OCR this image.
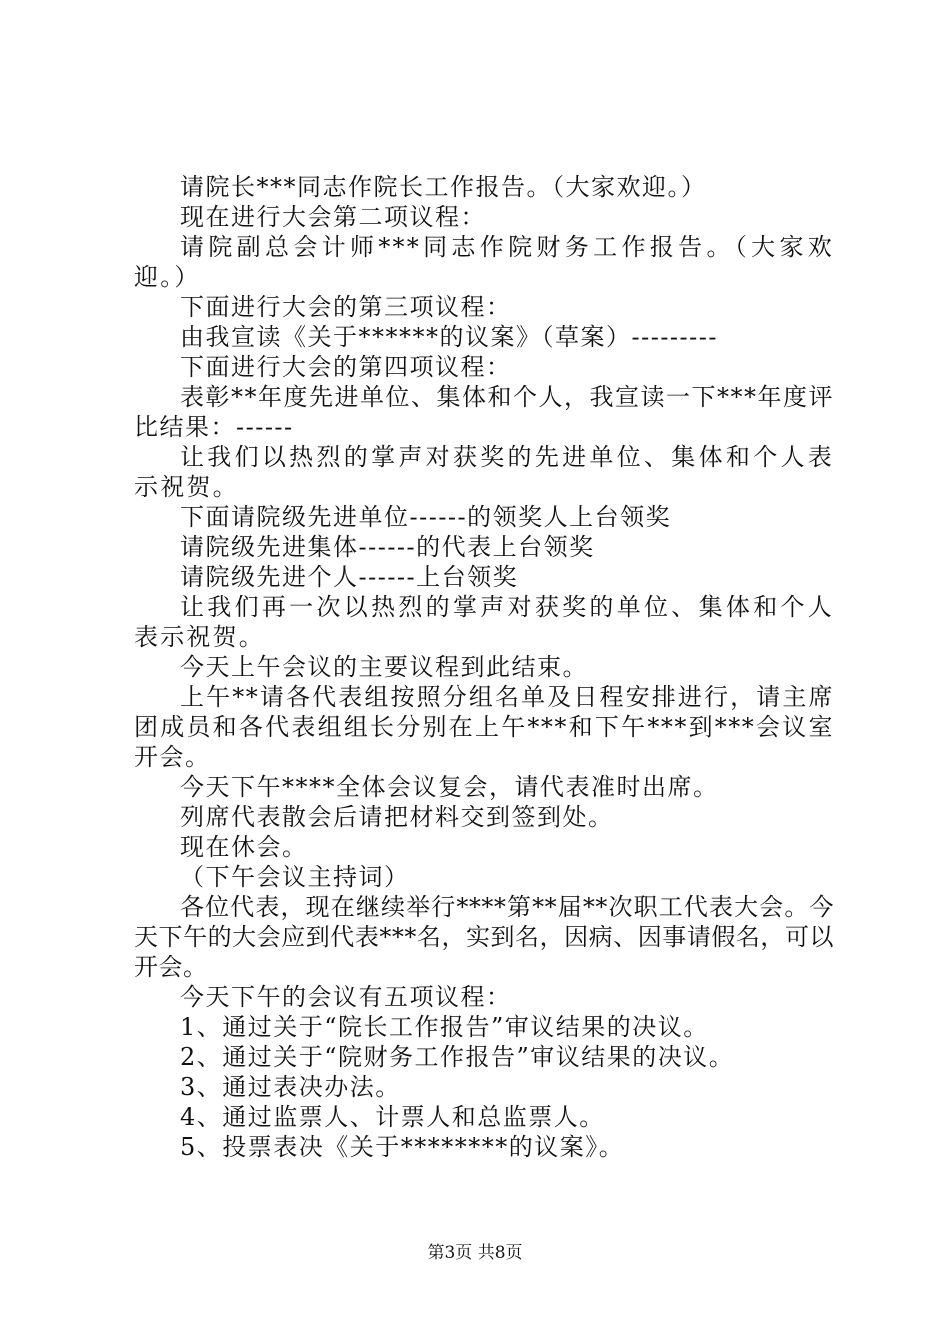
请院长***同志作院长工作报告。（大家欢迎。）

现在进行大会第二项议程：

请院副总会计师***同志作院财务工作报告。（大家欢迎。）

下面进行大会的第三项议程：

由我宣读《关于******的议案》（草案）---------

下面进行大会的第四项议程：

表彰**年度先进单位、集体和个人，我宣读一下***年度评比结果：------

让我们以热烈的掌声对获奖的先进单位、集体和个人表示祝贺。

下面请院级先进单位------的领奖人上台领奖

请院级先进集体------的代表上台领奖

请院级先进个人------上台领奖

让我们再一次以热烈的掌声对获奖的单位、集体和个人表示祝贺。

今天上午会议的主要议程到此结束。

上午**请各代表组按照分组名单及日程安排进行，请主席团成员和各代表组组长分别在上午***和下午***到***会议室开会。

今天下午****全体会议复会，请代表准时出席。

列席代表散会后请把材料交到签到处。

现在休会。

（下午会议主持词）

各位代表，现在继续举行****第**届**次职工代表大会。今天下午的大会应到代表***名，实到名，因病、因事请假名，可以开会。

今天下午的会议有五项议程：

1、通过关于“院长工作报告”审议结果的决议。

2、通过关于“院财务工作报告”审议结果的决议。

3、通过表决办法。

4、通过监票人、计票人和总监票人。

5、投票表决《关于********的议案》。

第3页 共8页
